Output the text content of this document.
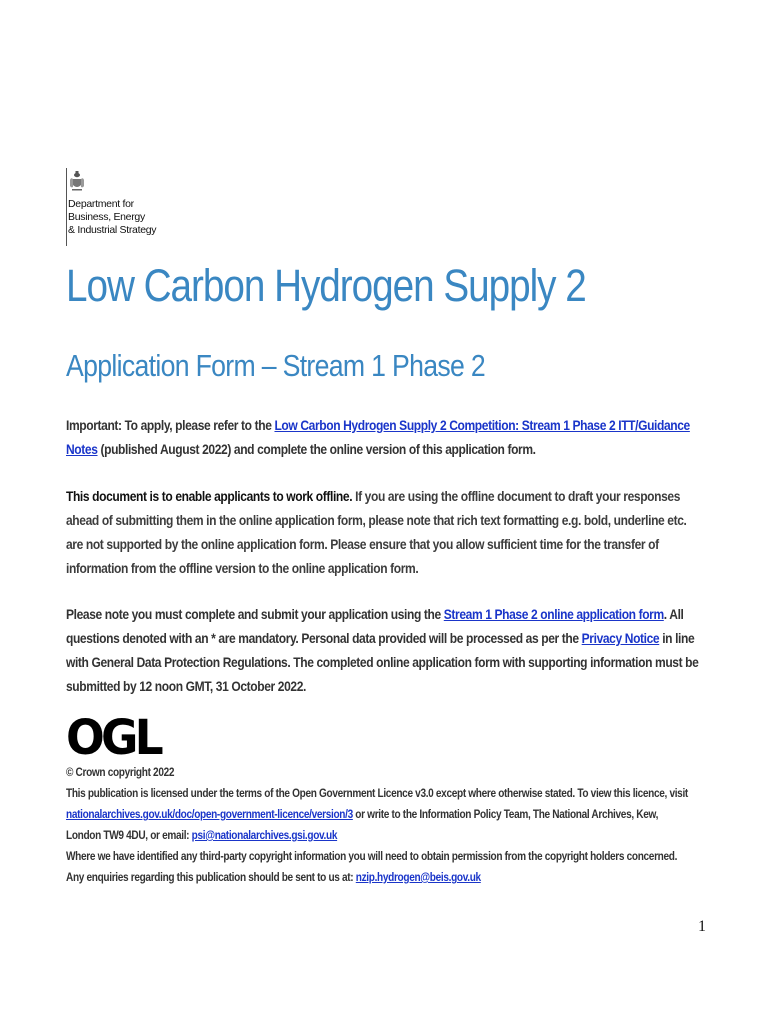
Department for
Business, Energy
& Industrial Strategy
Low Carbon Hydrogen Supply 2
Application Form – Stream 1 Phase 2

Important: To apply, please refer to the Low Carbon Hydrogen Supply 2 Competition: Stream 1 Phase 2 ITT/Guidance Notes (published August 2022) and complete the online version of this application form.

This document is to enable applicants to work offline. If you are using the offline document to draft your responses ahead of submitting them in the online application form, please note that rich text formatting e.g. bold, underline etc. are not supported by the online application form. Please ensure that you allow sufficient time for the transfer of information from the offline version to the online application form.

Please note you must complete and submit your application using the Stream 1 Phase 2 online application form. All questions denoted with an * are mandatory. Personal data provided will be processed as per the Privacy Notice in line with General Data Protection Regulations. The completed online application form with supporting information must be submitted by 12 noon GMT, 31 October 2022.

OGL
© Crown copyright 2022
This publication is licensed under the terms of the Open Government Licence v3.0 except where otherwise stated. To view this licence, visit
nationalarchives.gov.uk/doc/open-government-licence/version/3 or write to the Information Policy Team, The National Archives, Kew,
London TW9 4DU, or email: psi@nationalarchives.gsi.gov.uk
Where we have identified any third-party copyright information you will need to obtain permission from the copyright holders concerned.
Any enquiries regarding this publication should be sent to us at: nzip.hydrogen@beis.gov.uk
1
